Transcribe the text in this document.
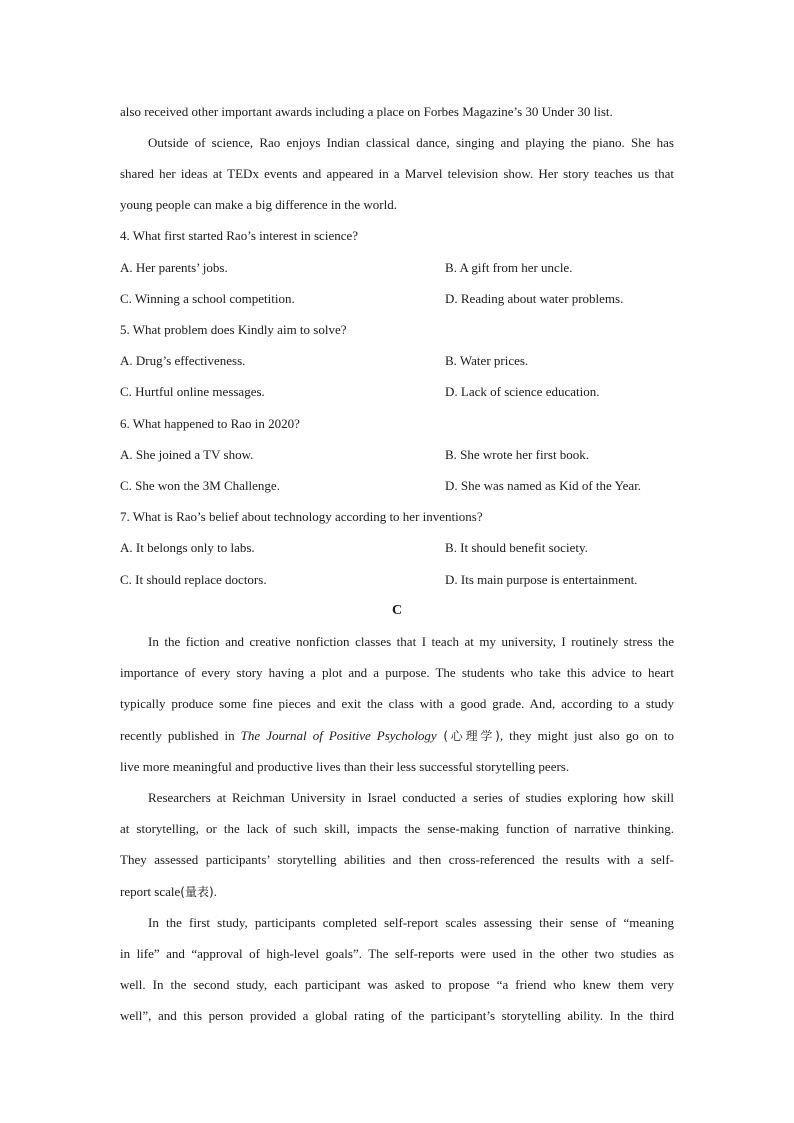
also received other important awards including a place on Forbes Magazine’s 30 Under 30 list.
Outside of science, Rao enjoys Indian classical dance, singing and playing the piano. She has
shared her ideas at TEDx events and appeared in a Marvel television show. Her story teaches us that
young people can make a big difference in the world.
4. What first started Rao’s interest in science?
A. Her parents’ jobs.	B. A gift from her uncle.
C. Winning a school competition.	D. Reading about water problems.
5. What problem does Kindly aim to solve?
A. Drug’s effectiveness.	B. Water prices.
C. Hurtful online messages.	D. Lack of science education.
6. What happened to Rao in 2020?
A. She joined a TV show.	B. She wrote her first book.
C. She won the 3M Challenge.	D. She was named as Kid of the Year.
7. What is Rao’s belief about technology according to her inventions?
A. It belongs only to labs.	B. It should benefit society.
C. It should replace doctors.	D. Its main purpose is entertainment.
C
In the fiction and creative nonfiction classes that I teach at my university, I routinely stress the
importance of every story having a plot and a purpose. The students who take this advice to heart
typically produce some fine pieces and exit the class with a good grade. And, according to a study
recently published in The Journal of Positive Psychology (心理学), they might just also go on to
live more meaningful and productive lives than their less successful storytelling peers.
Researchers at Reichman University in Israel conducted a series of studies exploring how skill
at storytelling, or the lack of such skill, impacts the sense-making function of narrative thinking.
They assessed participants’ storytelling abilities and then cross-referenced the results with a self-
report scale(量表).
In the first study, participants completed self-report scales assessing their sense of “meaning
in life” and “approval of high-level goals”. The self-reports were used in the other two studies as
well. In the second study, each participant was asked to propose “a friend who knew them very
well”, and this person provided a global rating of the participant’s storytelling ability. In the third
